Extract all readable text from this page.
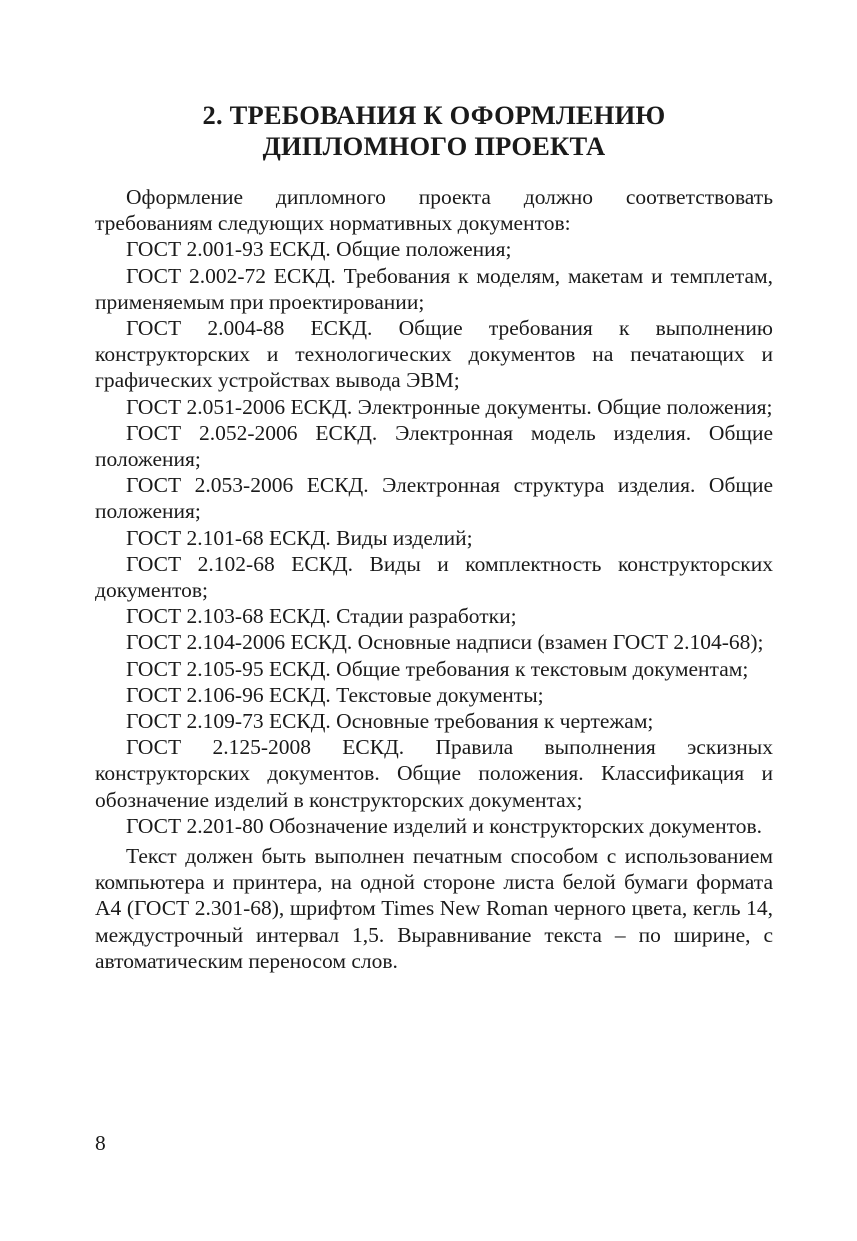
2. ТРЕБОВАНИЯ К ОФОРМЛЕНИЮ
ДИПЛОМНОГО ПРОЕКТА

Оформление дипломного проекта должно соответствовать требованиям следующих нормативных документов:

ГОСТ 2.001-93 ЕСКД. Общие положения;

ГОСТ 2.002-72 ЕСКД. Требования к моделям, макетам и темплетам, применяемым при проектировании;

ГОСТ 2.004-88 ЕСКД. Общие требования к выполнению конструкторских и технологических документов на печатающих и графических устройствах вывода ЭВМ;

ГОСТ 2.051-2006 ЕСКД. Электронные документы. Общие положения;

ГОСТ 2.052-2006 ЕСКД. Электронная модель изделия. Общие положения;

ГОСТ 2.053-2006 ЕСКД. Электронная структура изделия. Общие положения;

ГОСТ 2.101-68 ЕСКД. Виды изделий;

ГОСТ 2.102-68 ЕСКД. Виды и комплектность конструкторских документов;

ГОСТ 2.103-68 ЕСКД. Стадии разработки;

ГОСТ 2.104-2006 ЕСКД. Основные надписи (взамен ГОСТ 2.104-68);

ГОСТ 2.105-95 ЕСКД. Общие требования к текстовым документам;

ГОСТ 2.106-96 ЕСКД. Текстовые документы;

ГОСТ 2.109-73 ЕСКД. Основные требования к чертежам;

ГОСТ 2.125-2008 ЕСКД. Правила выполнения эскизных конструкторских документов. Общие положения. Классификация и обозначение изделий в конструкторских документах;

ГОСТ 2.201-80 Обозначение изделий и конструкторских документов.

Текст должен быть выполнен печатным способом с использованием компьютера и принтера, на одной стороне листа белой бумаги формата А4 (ГОСТ 2.301-68), шрифтом Times New Roman черного цвета, кегль 14, междустрочный интервал 1,5. Выравнивание текста – по ширине, с автоматическим переносом слов.

8
